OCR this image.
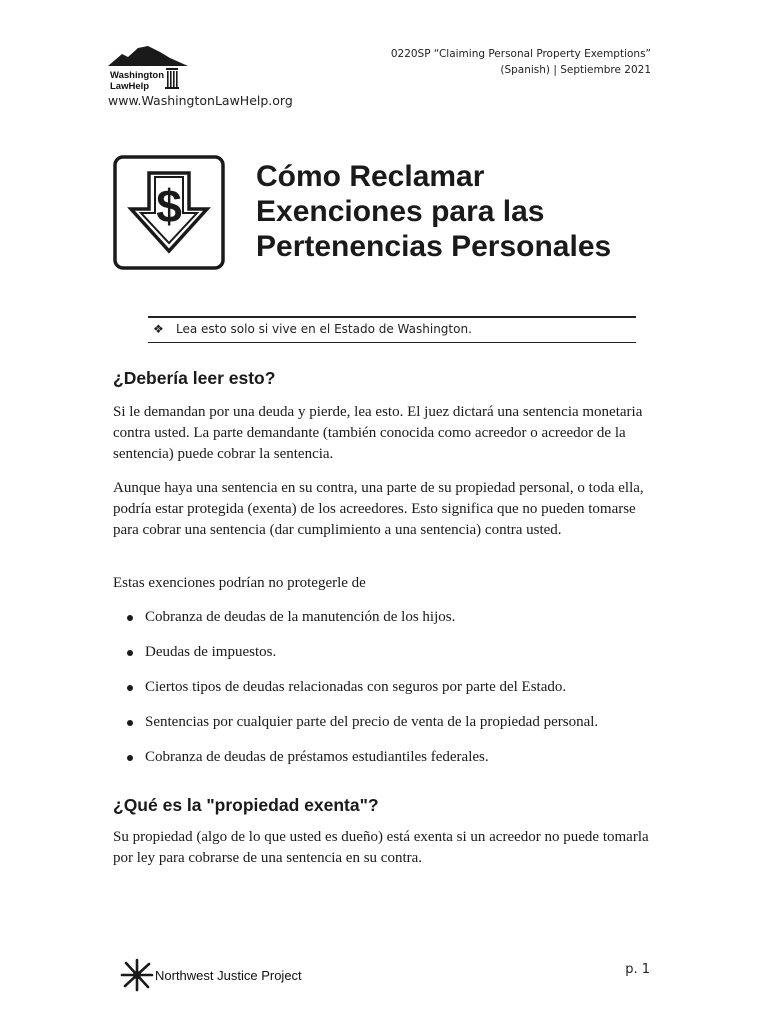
Washington
LawHelp
www.WashingtonLawHelp.org
0220SP “Claiming Personal Property Exemptions”
(Spanish) | Septiembre 2021
$
Cómo Reclamar
Exenciones para las
Pertenencias Personales
❖ Lea esto solo si vive en el Estado de Washington.
¿Debería leer esto?

Si le demandan por una deuda y pierde, lea esto. El juez dictará una sentencia monetaria contra usted. La parte demandante (también conocida como acreedor o acreedor de la sentencia) puede cobrar la sentencia.

Aunque haya una sentencia en su contra, una parte de su propiedad personal, o toda ella, podría estar protegida (exenta) de los acreedores. Esto significa que no pueden tomarse para cobrar una sentencia (dar cumplimiento a una sentencia) contra usted.

Estas exenciones podrían no protegerle de

Cobranza de deudas de la manutención de los hijos.
Deudas de impuestos.
Ciertos tipos de deudas relacionadas con seguros por parte del Estado.
Sentencias por cualquier parte del precio de venta de la propiedad personal.
Cobranza de deudas de préstamos estudiantiles federales.
¿Qué es la "propiedad exenta"?

Su propiedad (algo de lo que usted es dueño) está exenta si un acreedor no puede tomarla por ley para cobrarse de una sentencia en su contra.

Northwest Justice Project	p. 1
